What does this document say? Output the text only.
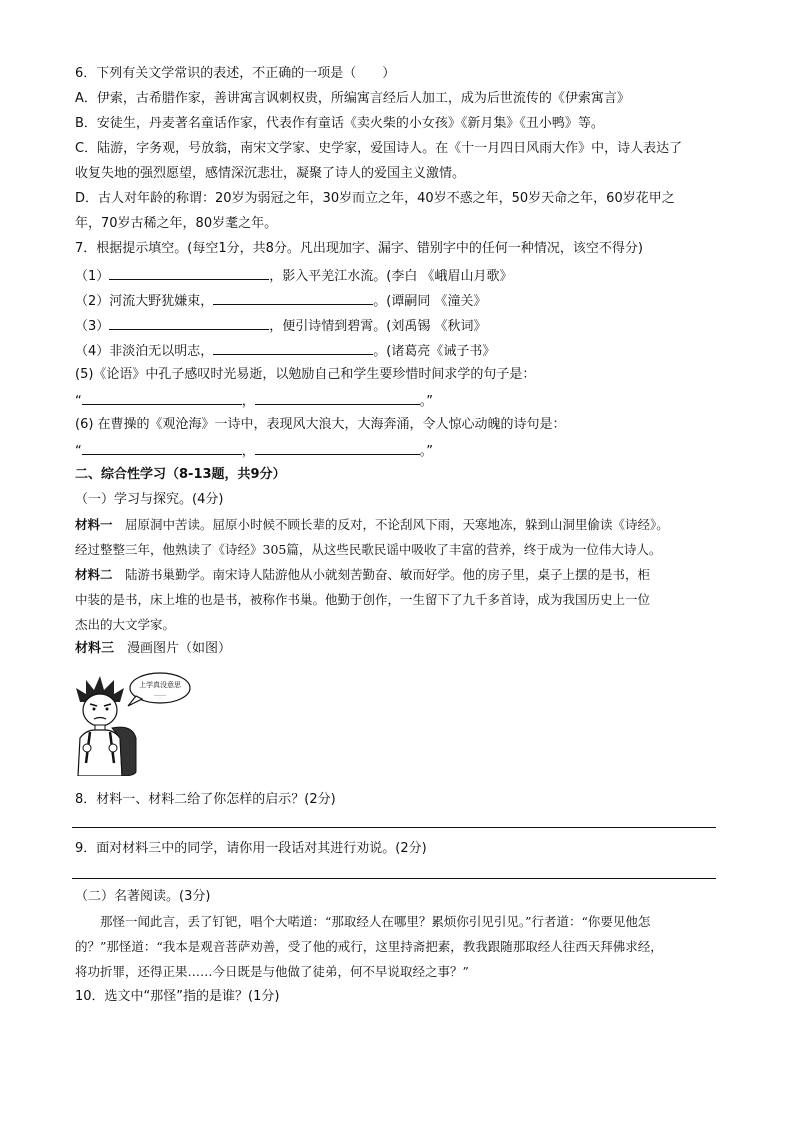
6．下列有关文学常识的表述，不正确的一项是（　　）
A．伊索，古希腊作家，善讲寓言讽刺权贵，所编寓言经后人加工，成为后世流传的《伊索寓言》
B．安徒生，丹麦著名童话作家，代表作有童话《卖火柴的小女孩》《新月集》《丑小鸭》等。
C．陆游，字务观，号放翁，南宋文学家、史学家，爱国诗人。在《十一月四日风雨大作》中，诗人表达了
收复失地的强烈愿望，感情深沉悲壮，凝聚了诗人的爱国主义激情。
D．古人对年龄的称谓：20岁为弱冠之年，30岁而立之年，40岁不惑之年，50岁天命之年，60岁花甲之
年，70岁古稀之年，80岁耄之年。
7．根据提示填空。(每空1分，共8分。凡出现加字、漏字、错别字中的任何一种情况，该空不得分)
（1）	，影入平羌江水流。(李白 《峨眉山月歌》
（2）河流大野犹嫌束，	。(谭嗣同 《潼关》
（3）	，便引诗情到碧霄。(刘禹锡 《秋词》
（4）非淡泊无以明志，	。(诸葛亮《诫子书》
(5)《论语》中孔子感叹时光易逝，以勉励自己和学生要珍惜时间求学的句子是：
“	，	。”
(6) 在曹操的《观沧海》一诗中，表现风大浪大，大海奔涌，令人惊心动魄的诗句是：
“	，	。”
二、综合性学习（8-13题，共9分）
（一）学习与探究。(4分)
材料一　屈原洞中苦读。屈原小时候不顾长辈的反对，不论刮风下雨，天寒地冻，躲到山洞里偷读《诗经》。
经过整整三年，他熟读了《诗经》305篇，从这些民歌民谣中吸收了丰富的营养，终于成为一位伟大诗人。
材料二　陆游书巢勤学。南宋诗人陆游他从小就刻苦勤奋、敏而好学。他的房子里，桌子上摆的是书，柜
中装的是书，床上堆的也是书，被称作书巢。他勤于创作，一生留下了九千多首诗，成为我国历史上一位
杰出的大文学家。
材料三　漫画图片（如图）
上学真没意思
……
8．材料一、材料二给了你怎样的启示？(2分)
9．面对材料三中的同学，请你用一段话对其进行劝说。(2分)
（二）名著阅读。(3分)
那怪一闻此言，丢了钉钯，唱个大喏道：“那取经人在哪里？累烦你引见引见。”行者道：“你要见他怎
的？”那怪道：“我本是观音菩萨劝善，受了他的戒行，这里持斋把素，教我跟随那取经人往西天拜佛求经，
将功折罪，还得正果……今日既是与他做了徒弟，何不早说取经之事？”
10．选文中“那怪”指的是谁？(1分)
